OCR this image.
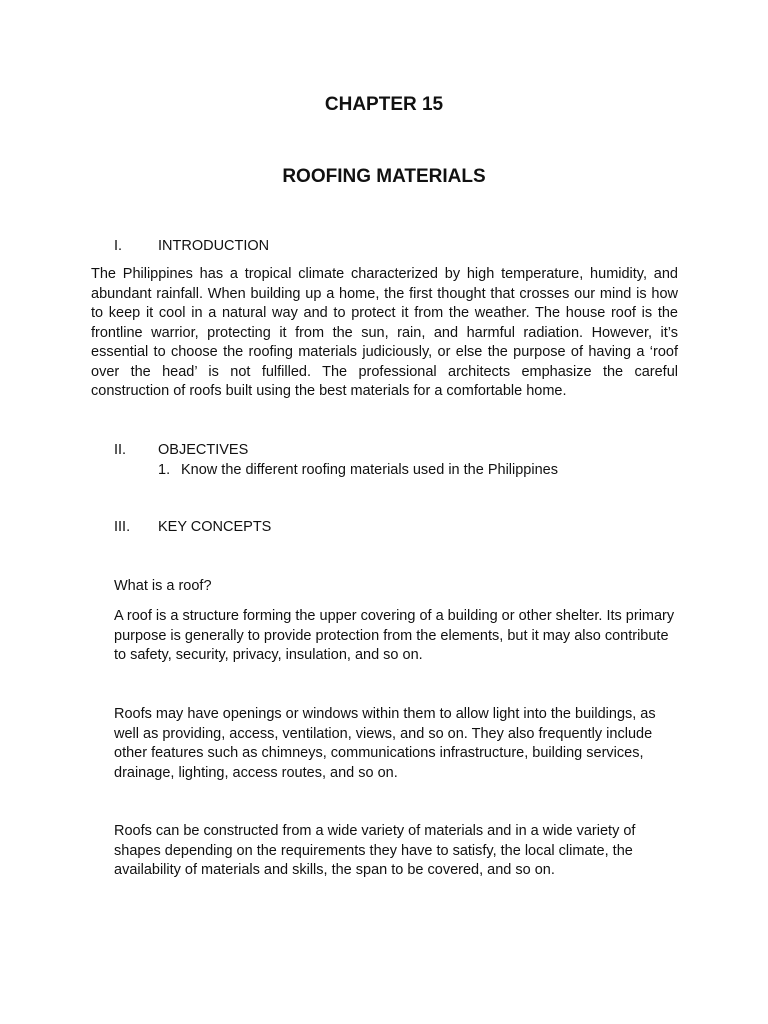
CHAPTER 15
ROOFING MATERIALS
I. INTRODUCTION

The Philippines has a tropical climate characterized by high temperature, humidity, and abundant rainfall. When building up a home, the first thought that crosses our mind is how to keep it cool in a natural way and to protect it from the weather. The house roof is the frontline warrior, protecting it from the sun, rain, and harmful radiation. However, it’s essential to choose the roofing materials judiciously, or else the purpose of having a ‘roof over the head’ is not fulfilled. The professional architects emphasize the careful construction of roofs built using the best materials for a comfortable home.

II. OBJECTIVES
1. Know the different roofing materials used in the Philippines
III. KEY CONCEPTS
What is a roof?

A roof is a structure forming the upper covering of a building or other shelter. Its primary purpose is generally to provide protection from the elements, but it may also contribute to safety, security, privacy, insulation, and so on.

Roofs may have openings or windows within them to allow light into the buildings, as well as providing, access, ventilation, views, and so on. They also frequently include other features such as chimneys, communications infrastructure, building services, drainage, lighting, access routes, and so on.

Roofs can be constructed from a wide variety of materials and in a wide variety of shapes depending on the requirements they have to satisfy, the local climate, the availability of materials and skills, the span to be covered, and so on.
